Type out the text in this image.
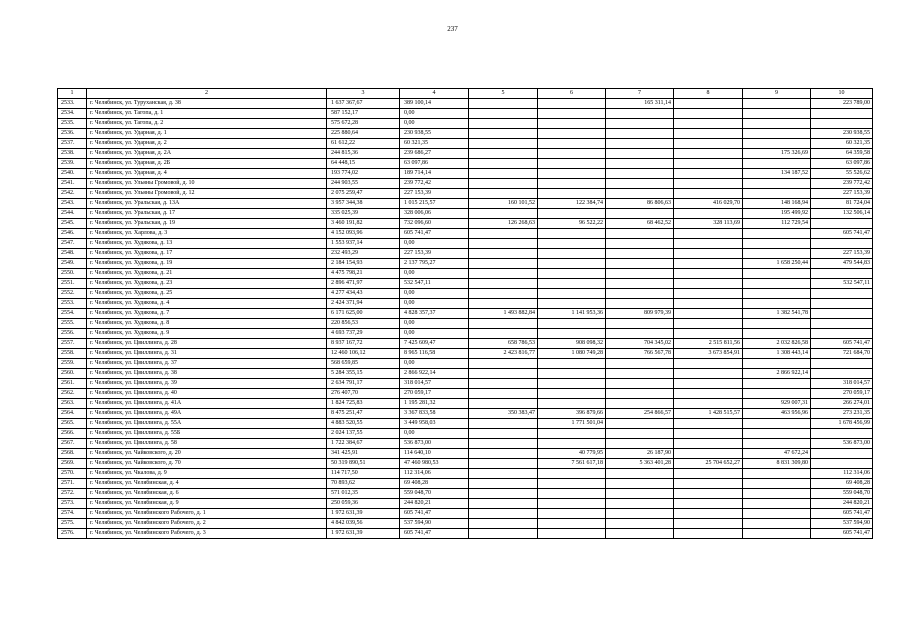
237
1	2	3	4	5	6	7	8	9	10
2533.	г. Челябинск, ул. Туруханская, д. 38	1 637 367,67	389 100,14			165 311,14			223 789,00
2534.	г. Челябинск, ул. Тагопа, д. 1	587 152,17	0,00						
2535.	г. Челябинск, ул. Тагопа, д. 2	575 672,28	0,00						
2536.	г. Челябинск, ул. Ударная, д. 1	225 880,64	230 938,55						230 938,55
2537.	г. Челябинск, ул. Ударная, д. 2	61 612,22	60 321,35						60 321,35
2538.	г. Челябинск, ул. Ударная, д. 2А	244 815,36	239 686,27					175 326,69	64 359,58
2539.	г. Челябинск, ул. Ударная, д. 2Б	64 448,15	63 097,86						63 097,86
2540.	г. Челябинск, ул. Ударная, д. 4	193 774,02	189 714,14					134 187,52	55 526,62
2541.	г. Челябинск, ул. Ульяны Громовой, д. 10	244 903,55	239 772,42						239 772,42
2542.	г. Челябинск, ул. Ульяны Громовой, д. 12	2 075 259,47	227 153,39						227 153,39
2543.	г. Челябинск, ул. Уральская, д. 13А	3 957 344,38	1 015 215,57	160 101,52	122 384,74	86 806,63	416 029,70	148 168,94	81 724,04
2544.	г. Челябинск, ул. Уральская, д. 17	335 025,39	328 006,06					195 499,92	132 506,14
2545.	г. Челябинск, ул. Уральская, д. 19	3 460 191,82	732 096,60	126 268,63	96 522,22	68 462,52	328 113,69	112 729,54	
2546.	г. Челябинск, ул. Харлова, д. 3	4 152 093,96	605 741,47						605 741,47
2547.	г. Челябинск, ул. Худякова, д. 13	1 553 937,14	0,00						
2548.	г. Челябинск, ул. Худякова, д. 17	232 493,29	227 153,39						227 153,39
2549.	г. Челябинск, ул. Худякова, д. 19	2 184 154,93	2 137 795,27					1 658 250,44	479 544,83
2550.	г. Челябинск, ул. Худякова, д. 21	4 475 798,21	0,00						
2551.	г. Челябинск, ул. Худякова, д. 23	2 896 471,97	532 547,11						532 547,11
2552.	г. Челябинск, ул. Худякова, д. 25	4 277 434,43	0,00						
2553.	г. Челябинск, ул. Худякова, д. 4	2 424 371,94	0,00						
2554.	г. Челябинск, ул. Худякова, д. 7	6 171 625,00	4 828 357,37	1 493 882,84	1 141 953,36	809 979,39		1 382 541,78	
2555.	г. Челябинск, ул. Худякова, д. 8	220 856,53	0,00						
2556.	г. Челябинск, ул. Худякова, д. 9	4 693 737,29	0,00						
2557.	г. Челябинск, ул. Цвиллинга, д. 28	8 937 167,72	7 425 609,47	658 786,53	908 098,32	704 345,02	2 515 811,56	2 032 826,58	605 741,47
2558.	г. Челябинск, ул. Цвиллинга, д. 31	12 460 106,12	8 965 116,58	2 423 816,77	1 080 749,28	766 567,78	3 673 854,91	1 308 443,14	721 684,70
2559.	г. Челябинск, ул. Цвиллинга, д. 37	568 659,85	0,00						
2560.	г. Челябинск, ул. Цвиллинга, д. 38	5 284 355,15	2 866 922,14					2 866 922,14	
2561.	г. Челябинск, ул. Цвиллинга, д. 39	2 634 791,17	318 014,57						318 014,57
2562.	г. Челябинск, ул. Цвиллинга, д. 40	276 407,70	270 059,17						270 059,17
2563.	г. Челябинск, ул. Цвиллинга, д. 41А	1 824 725,83	1 195 281,32					929 007,31	266 274,01
2564.	г. Челябинск, ул. Цвиллинга, д. 49А	8 475 251,47	3 367 833,58	350 383,47	396 879,66	254 866,57	1 428 515,57	463 956,96	273 231,35
2565.	г. Челябинск, ул. Цвиллинга, д. 55А	4 883 520,55	3 449 958,03		1 771 501,04				1 678 456,99
2566.	г. Челябинск, ул. Цвиллинга, д. 55Б	2 024 137,55	0,00						
2567.	г. Челябинск, ул. Цвиллинга, д. 58	1 722 384,67	536 873,00						536 873,00
2568.	г. Челябинск, ул. Чайковского, д. 20	341 425,91	114 640,10		40 779,95	26 187,90		47 672,24	
2569.	г. Челябинск, ул. Чайковского, д. 70	50 319 890,51	47 460 980,53		7 561 617,18	5 363 401,28	25 704 652,27	8 831 309,80	
2570.	г. Челябинск, ул. Чкалова, д. 9	114 717,50	112 314,06						112 314,06
2571.	г. Челябинск, ул. Челябинская, д. 4	70 893,62	69 408,28						69 408,28
2572.	г. Челябинск, ул. Челябинская, д. 6	571 012,35	559 048,70						559 048,70
2573.	г. Челябинск, ул. Челябинская, д. 9	250 059,36	244 820,21						244 820,21
2574.	г. Челябинск, ул. Челябинского Рабочего, д. 1	1 972 631,39	605 741,47						605 741,47
2575.	г. Челябинск, ул. Челябинского Рабочего, д. 2	4 842 039,56	537 594,90						537 594,90
2576.	г. Челябинск, ул. Челябинского Рабочего, д. 3	1 972 631,39	605 741,47						605 741,47
